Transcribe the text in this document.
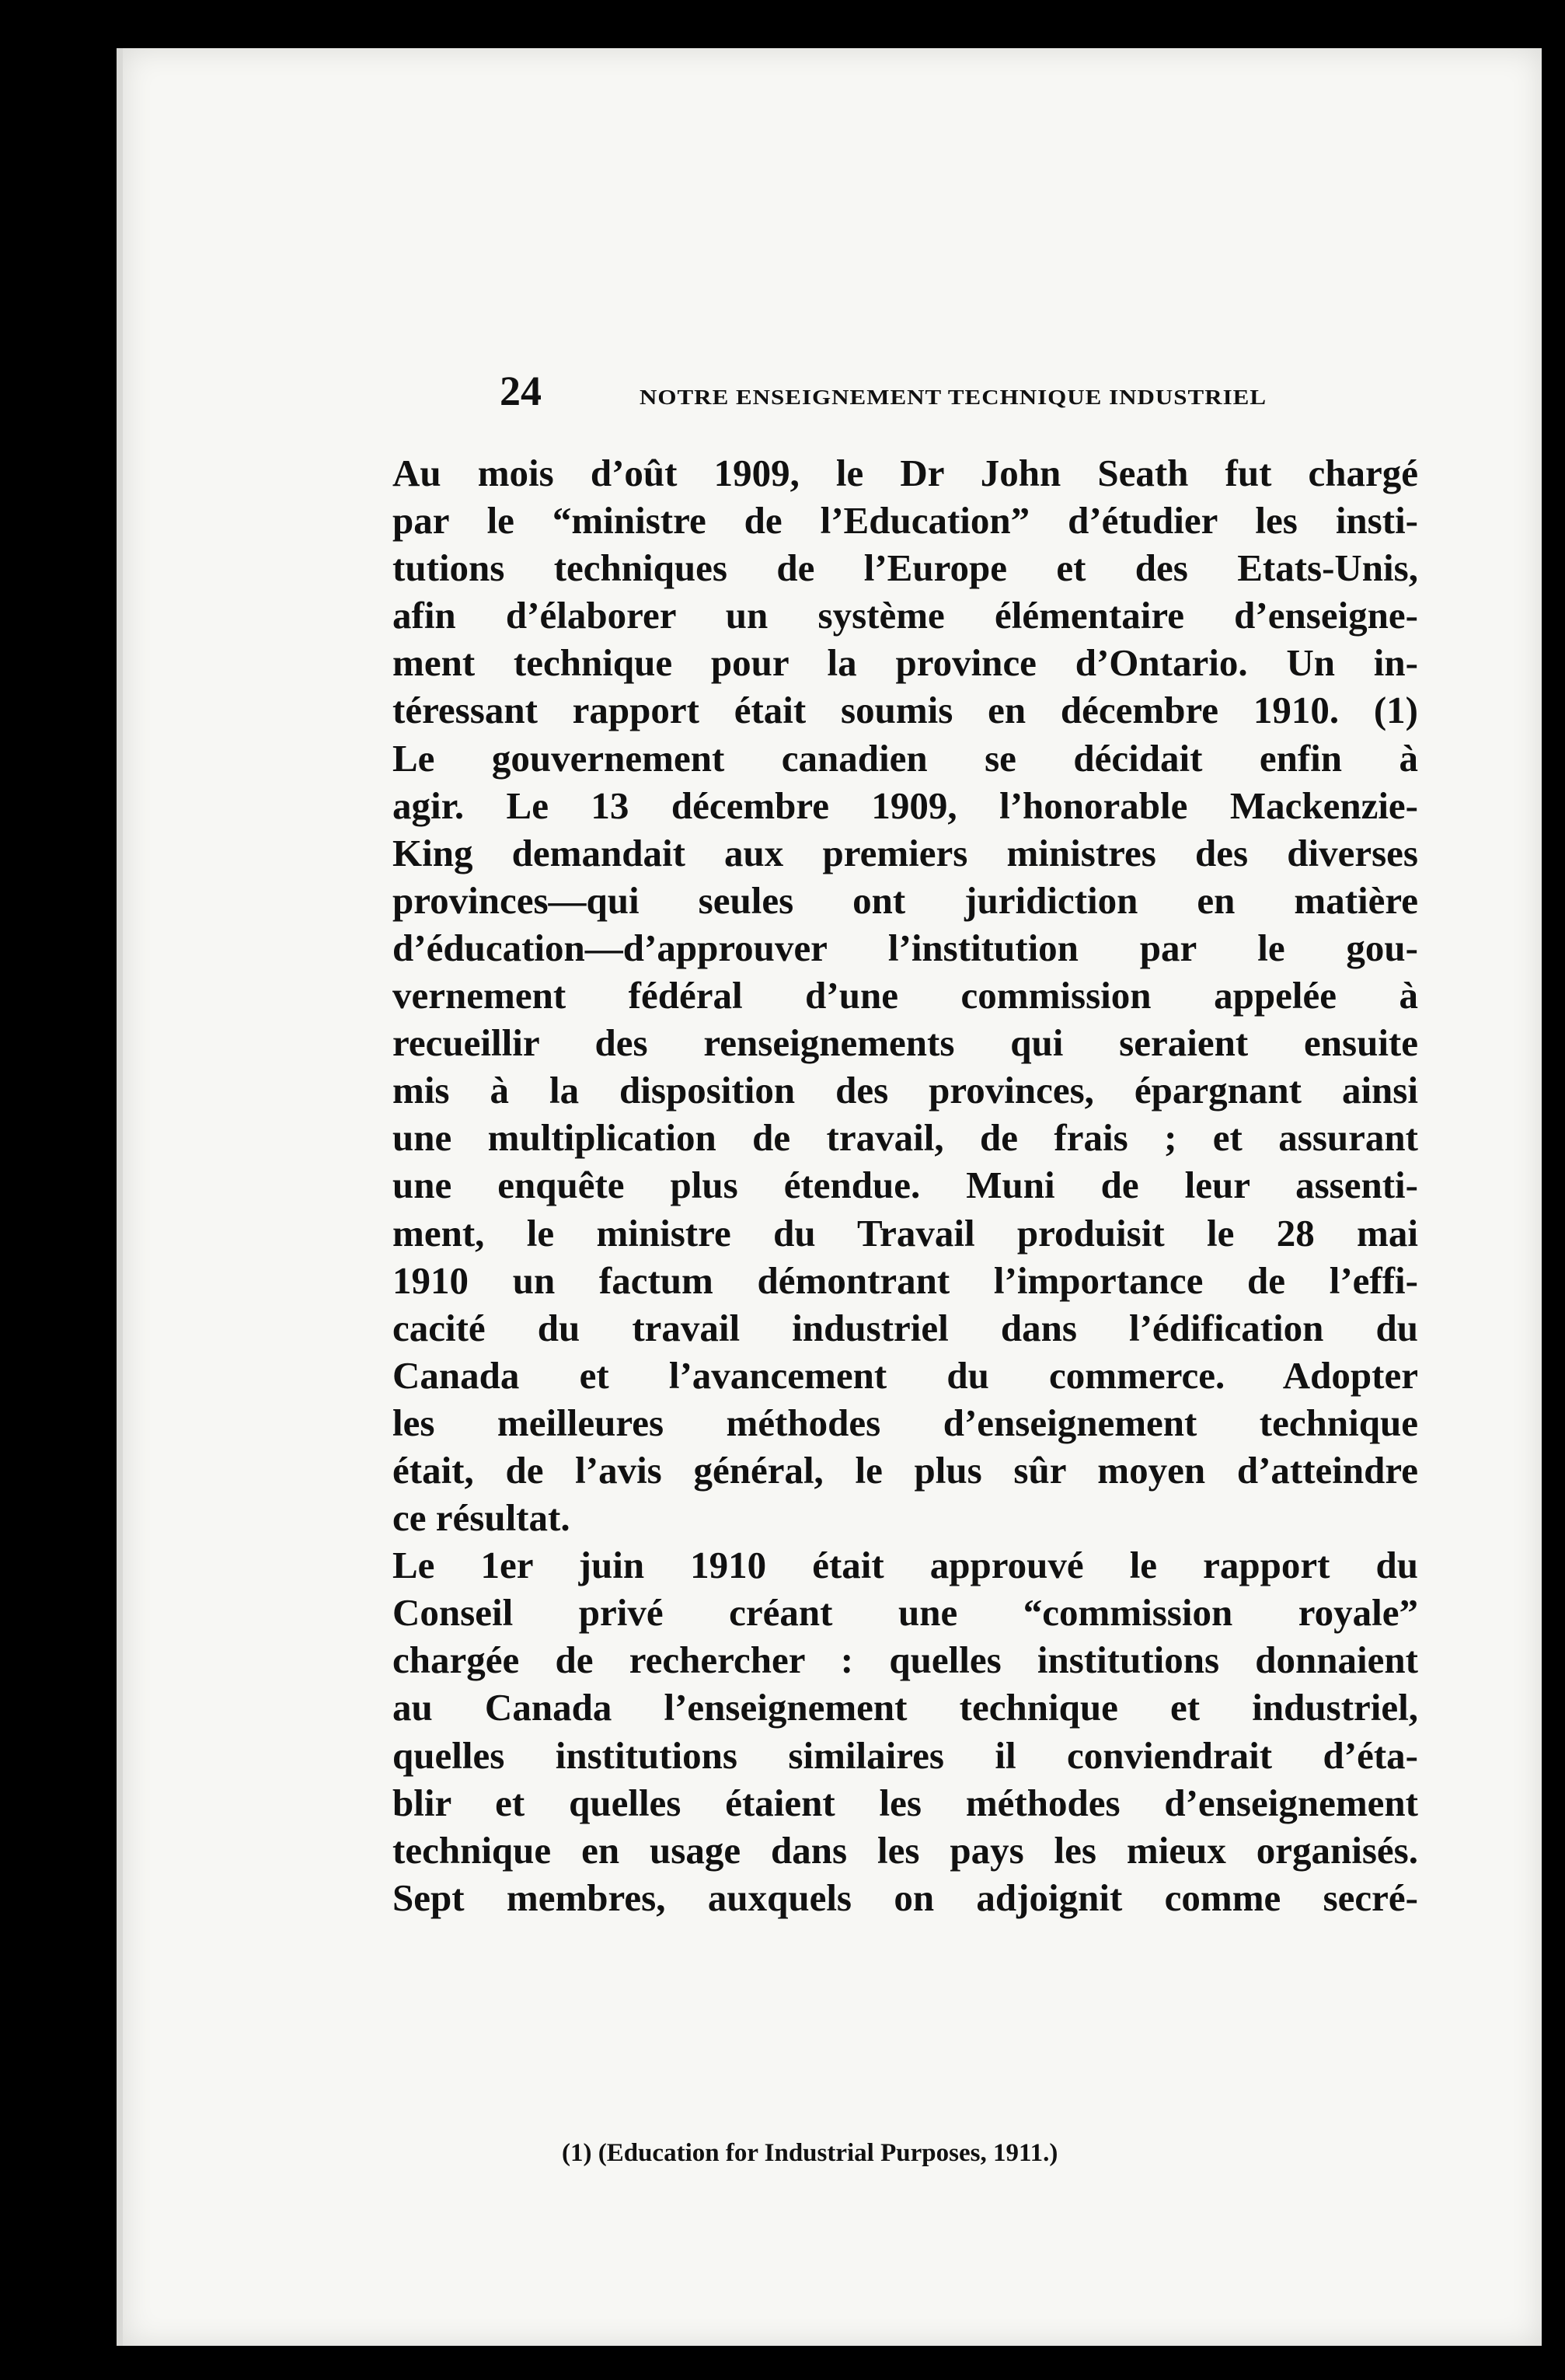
24	NOTRE ENSEIGNEMENT TECHNIQUE INDUSTRIEL
(1) (Education for Industrial Purposes, 1911.)
Au mois d’oût 1909, le Dr John Seath fut chargé
par le “ministre de l’Education” d’étudier les insti-
tutions techniques de l’Europe et des Etats-Unis,
afin d’élaborer un système élémentaire d’enseigne-
ment technique pour la province d’Ontario. Un in-
téressant rapport était soumis en décembre 1910. (1)
Le gouvernement canadien se décidait enfin à
agir. Le 13 décembre 1909, l’honorable Mackenzie-
King demandait aux premiers ministres des diverses
provinces—qui seules ont juridiction en matière
d’éducation—d’approuver l’institution par le gou-
vernement fédéral d’une commission appelée à
recueillir des renseignements qui seraient ensuite
mis à la disposition des provinces, épargnant ainsi
une multiplication de travail, de frais ; et assurant
une enquête plus étendue. Muni de leur assenti-
ment, le ministre du Travail produisit le 28 mai
1910 un factum démontrant l’importance de l’effi-
cacité du travail industriel dans l’édification du
Canada et l’avancement du commerce. Adopter
les meilleures méthodes d’enseignement technique
était, de l’avis général, le plus sûr moyen d’atteindre
ce résultat.
Le 1er juin 1910 était approuvé le rapport du
Conseil privé créant une “commission royale”
chargée de rechercher : quelles institutions donnaient
au Canada l’enseignement technique et industriel,
quelles institutions similaires il conviendrait d’éta-
blir et quelles étaient les méthodes d’enseignement
technique en usage dans les pays les mieux organisés.
Sept membres, auxquels on adjoignit comme secré-
